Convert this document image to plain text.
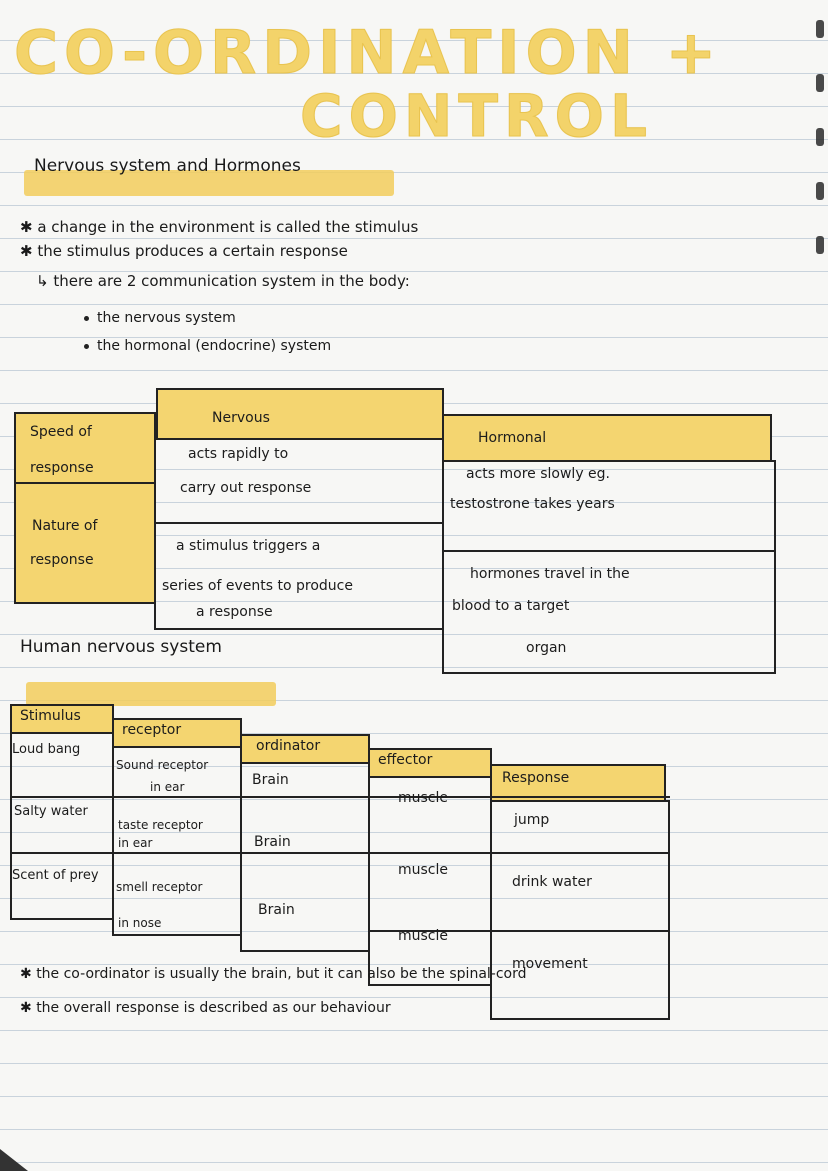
CO-ORDINATION +
CONTROL
Nervous system and Hormones
✱ a change in the environment is called the stimulus
✱ the stimulus produces a certain response
↳ there are 2 communication system in the body:
the nervous system
the hormonal (endocrine) system
Nervous
Hormonal
Speed of
response
acts rapidly to
carry out response
acts more slowly eg.
testostrone takes years
Nature of
response
a stimulus triggers a
series of events to produce
a response
hormones travel in the
blood to a target
organ
Human nervous system
Stimulus
receptor
ordinator
effector
Response
Loud bang
Sound receptor
in ear	Brain
muscle
jump
Salty water
taste receptor
in ear	Brain
muscle
drink water
Scent of prey
smell receptor
in nose
Brain
muscle
movement
✱ the co-ordinator is usually the brain, but it can also be the spinal-cord
✱ the overall response is described as our behaviour
